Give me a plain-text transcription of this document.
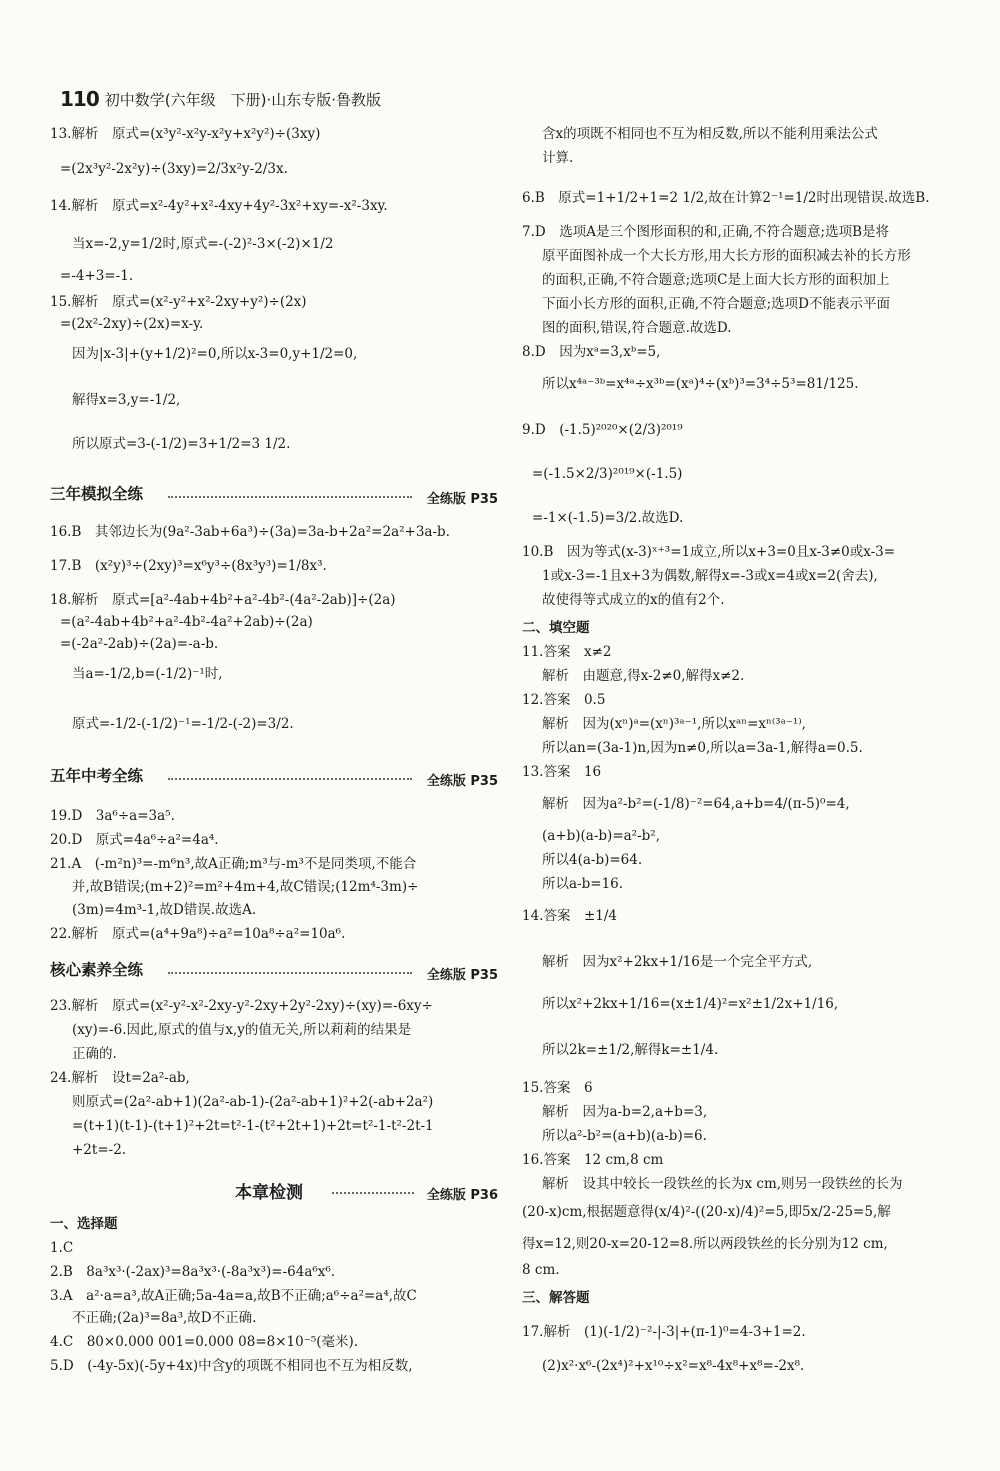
110 初中数学(六年级　下册)·山东专版·鲁教版
13.解析　原式=(x³y²-x²y-x²y+x²y²)÷(3xy)
=(2x³y²-2x²y)÷(3xy)=2/3x²y-2/3x.
14.解析　原式=x²-4y²+x²-4xy+4y²-3x²+xy=-x²-3xy.
当x=-2,y=1/2时,原式=-(-2)²-3×(-2)×1/2
=-4+3=-1.
15.解析　原式=(x²-y²+x²-2xy+y²)÷(2x)
=(2x²-2xy)÷(2x)=x-y.
因为|x-3|+(y+1/2)²=0,所以x-3=0,y+1/2=0,
解得x=3,y=-1/2,
所以原式=3-(-1/2)=3+1/2=3 1/2.
三年模拟全练	全练版 P35
16.B　其邻边长为(9a²-3ab+6a³)÷(3a)=3a-b+2a²=2a²+3a-b.
17.B　(x²y)³÷(2xy)³=x⁶y³÷(8x³y³)=1/8x³.
18.解析　原式=[a²-4ab+4b²+a²-4b²-(4a²-2ab)]÷(2a)
=(a²-4ab+4b²+a²-4b²-4a²+2ab)÷(2a)
=(-2a²-2ab)÷(2a)=-a-b.
当a=-1/2,b=(-1/2)⁻¹时,
原式=-1/2-(-1/2)⁻¹=-1/2-(-2)=3/2.
五年中考全练	全练版 P35
19.D　3a⁶÷a=3a⁵.
20.D　原式=4a⁶÷a²=4a⁴.
21.A　(-m²n)³=-m⁶n³,故A正确;m³与-m³不是同类项,不能合
并,故B错误;(m+2)²=m²+4m+4,故C错误;(12m⁴-3m)÷
(3m)=4m³-1,故D错误.故选A.
22.解析　原式=(a⁴+9a⁸)÷a²=10a⁸÷a²=10a⁶.
核心素养全练	全练版 P35
23.解析　原式=(x²-y²-x²-2xy-y²-2xy+2y²-2xy)÷(xy)=-6xy÷
(xy)=-6.因此,原式的值与x,y的值无关,所以莉莉的结果是
正确的.
24.解析　设t=2a²-ab,
则原式=(2a²-ab+1)(2a²-ab-1)-(2a²-ab+1)²+2(-ab+2a²)
=(t+1)(t-1)-(t+1)²+2t=t²-1-(t²+2t+1)+2t=t²-1-t²-2t-1
+2t=-2.
本章检测	全练版 P36
一、选择题
1.C
2.B　8a³x³·(-2ax)³=8a³x³·(-8a³x³)=-64a⁶x⁶.
3.A　a²·a=a³,故A正确;5a-4a=a,故B不正确;a⁶÷a²=a⁴,故C
不正确;(2a)³=8a³,故D不正确.
4.C　80×0.000 001=0.000 08=8×10⁻⁵(毫米).
5.D　(-4y-5x)(-5y+4x)中含y的项既不相同也不互为相反数,
含x的项既不相同也不互为相反数,所以不能利用乘法公式
计算.
6.B　原式=1+1/2+1=2 1/2,故在计算2⁻¹=1/2时出现错误.故选B.
7.D　选项A是三个图形面积的和,正确,不符合题意;选项B是将
原平面图补成一个大长方形,用大长方形的面积减去补的长方形
的面积,正确,不符合题意;选项C是上面大长方形的面积加上
下面小长方形的面积,正确,不符合题意;选项D不能表示平面
图的面积,错误,符合题意.故选D.
8.D　因为xᵃ=3,xᵇ=5,
所以x⁴ᵃ⁻³ᵇ=x⁴ᵃ÷x³ᵇ=(xᵃ)⁴÷(xᵇ)³=3⁴÷5³=81/125.
9.D　(-1.5)²⁰²⁰×(2/3)²⁰¹⁹
=(-1.5×2/3)²⁰¹⁹×(-1.5)
=-1×(-1.5)=3/2.故选D.
10.B　因为等式(x-3)ˣ⁺³=1成立,所以x+3=0且x-3≠0或x-3=
1或x-3=-1且x+3为偶数,解得x=-3或x=4或x=2(舍去),
故使得等式成立的x的值有2个.
二、填空题
11.答案　x≠2
解析　由题意,得x-2≠0,解得x≠2.
12.答案　0.5
解析　因为(xⁿ)ᵃ=(xⁿ)³ᵃ⁻¹,所以xᵃⁿ=xⁿ⁽³ᵃ⁻¹⁾,
所以an=(3a-1)n,因为n≠0,所以a=3a-1,解得a=0.5.
13.答案　16
解析　因为a²-b²=(-1/8)⁻²=64,a+b=4/(π-5)⁰=4,
(a+b)(a-b)=a²-b²,
所以4(a-b)=64.
所以a-b=16.
14.答案　±1/4
解析　因为x²+2kx+1/16是一个完全平方式,
所以x²+2kx+1/16=(x±1/4)²=x²±1/2x+1/16,
所以2k=±1/2,解得k=±1/4.
15.答案　6
解析　因为a-b=2,a+b=3,
所以a²-b²=(a+b)(a-b)=6.
16.答案　12 cm,8 cm
解析　设其中较长一段铁丝的长为x cm,则另一段铁丝的长为
(20-x)cm,根据题意得(x/4)²-((20-x)/4)²=5,即5x/2-25=5,解
得x=12,则20-x=20-12=8.所以两段铁丝的长分别为12 cm,
8 cm.
三、解答题
17.解析　(1)(-1/2)⁻²-|-3|+(π-1)⁰=4-3+1=2.
(2)x²·x⁶-(2x⁴)²+x¹⁰÷x²=x⁸-4x⁸+x⁸=-2x⁸.
